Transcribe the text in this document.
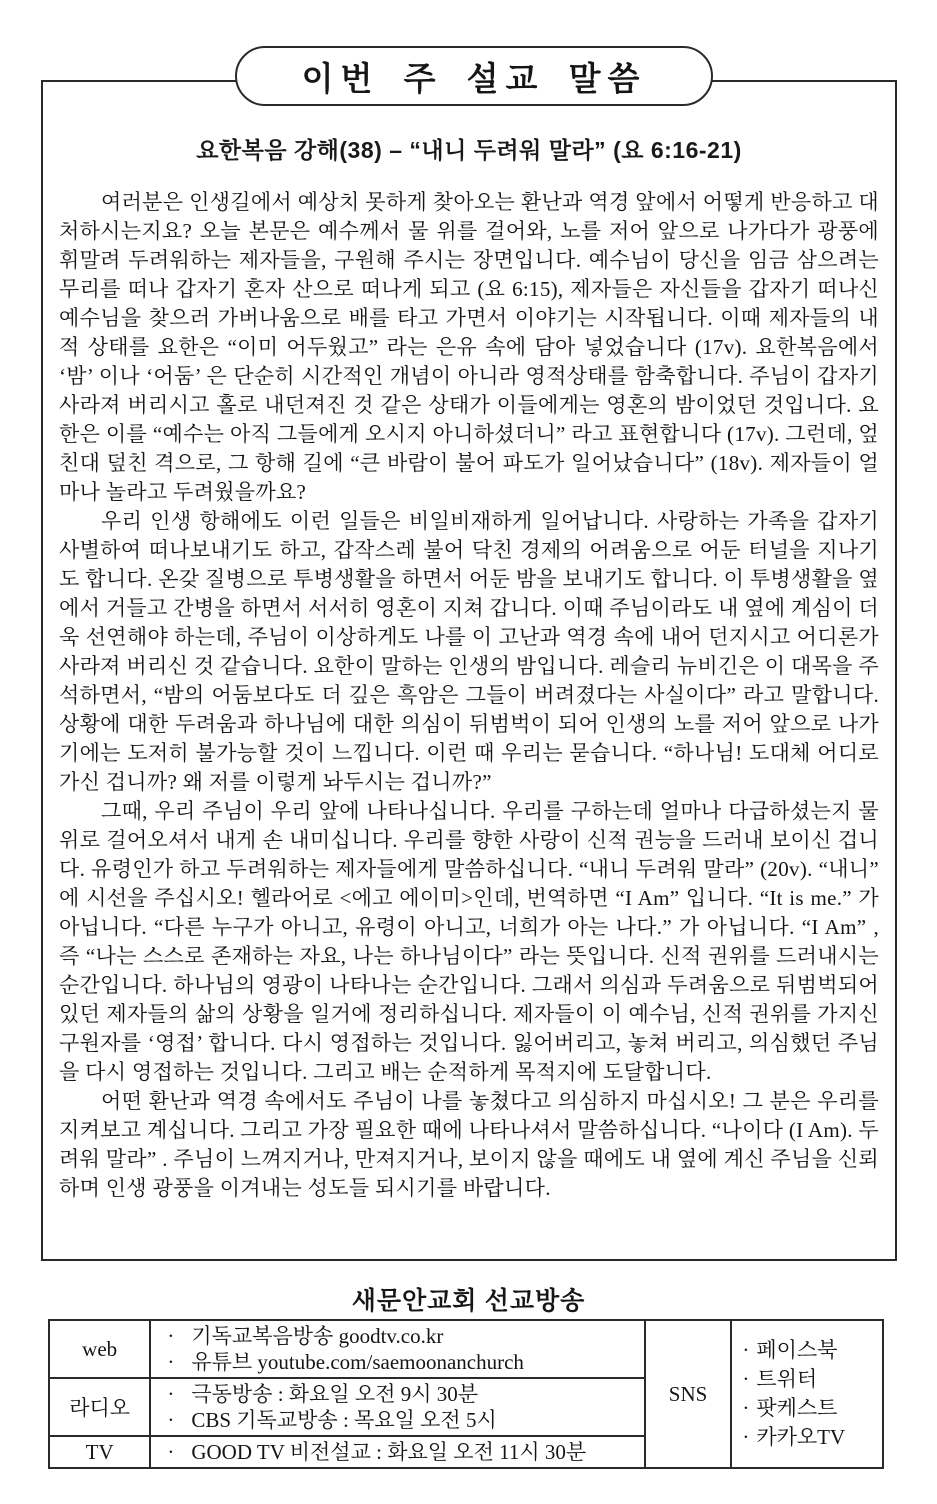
이번 주 설교 말씀
요한복음 강해(38) – “내니 두려워 말라” (요 6:16-21)

여러분은 인생길에서 예상치 못하게 찾아오는 환난과 역경 앞에서 어떻게 반응하고 대처하시는지요? 오늘 본문은 예수께서 물 위를 걸어와, 노를 저어 앞으로 나가다가 광풍에 휘말려 두려워하는 제자들을, 구원해 주시는 장면입니다. 예수님이 당신을 임금 삼으려는 무리를 떠나 갑자기 혼자 산으로 떠나게 되고 (요 6:15), 제자들은 자신들을 갑자기 떠나신 예수님을 찾으러 가버나움으로 배를 타고 가면서 이야기는 시작됩니다. 이때 제자들의 내적 상태를 요한은 “이미 어두웠고” 라는 은유 속에 담아 넣었습니다 (17v). 요한복음에서 ‘밤’ 이나 ‘어둠’ 은 단순히 시간적인 개념이 아니라 영적상태를 함축합니다. 주님이 갑자기 사라져 버리시고 홀로 내던져진 것 같은 상태가 이들에게는 영혼의 밤이었던 것입니다. 요한은 이를 “예수는 아직 그들에게 오시지 아니하셨더니” 라고 표현합니다 (17v). 그런데, 엎친대 덮친 격으로, 그 항해 길에 “큰 바람이 불어 파도가 일어났습니다” (18v). 제자들이 얼마나 놀라고 두려웠을까요?

우리 인생 항해에도 이런 일들은 비일비재하게 일어납니다. 사랑하는 가족을 갑자기 사별하여 떠나보내기도 하고, 갑작스레 불어 닥친 경제의 어려움으로 어둔 터널을 지나기도 합니다. 온갖 질병으로 투병생활을 하면서 어둔 밤을 보내기도 합니다. 이 투병생활을 옆에서 거들고 간병을 하면서 서서히 영혼이 지쳐 갑니다. 이때 주님이라도 내 옆에 계심이 더욱 선연해야 하는데, 주님이 이상하게도 나를 이 고난과 역경 속에 내어 던지시고 어디론가 사라져 버리신 것 같습니다. 요한이 말하는 인생의 밤입니다. 레슬리 뉴비긴은 이 대목을 주석하면서, “밤의 어둠보다도 더 깊은 흑암은 그들이 버려졌다는 사실이다” 라고 말합니다. 상황에 대한 두려움과 하나님에 대한 의심이 뒤범벅이 되어 인생의 노를 저어 앞으로 나가기에는 도저히 불가능할 것이 느낍니다. 이런 때 우리는 묻습니다. “하나님! 도대체 어디로 가신 겁니까? 왜 저를 이렇게 놔두시는 겁니까?”

그때, 우리 주님이 우리 앞에 나타나십니다. 우리를 구하는데 얼마나 다급하셨는지 물 위로 걸어오셔서 내게 손 내미십니다. 우리를 향한 사랑이 신적 권능을 드러내 보이신 겁니다. 유령인가 하고 두려워하는 제자들에게 말씀하십니다. “내니 두려워 말라” (20v). “내니” 에 시선을 주십시오! 헬라어로 <에고 에이미>인데, 번역하면 “I Am” 입니다. “It is me.” 가 아닙니다. “다른 누구가 아니고, 유령이 아니고, 너희가 아는 나다.” 가 아닙니다. “I Am” , 즉 “나는 스스로 존재하는 자요, 나는 하나님이다” 라는 뜻입니다. 신적 권위를 드러내시는 순간입니다. 하나님의 영광이 나타나는 순간입니다. 그래서 의심과 두려움으로 뒤범벅되어 있던 제자들의 삶의 상황을 일거에 정리하십니다. 제자들이 이 예수님, 신적 권위를 가지신 구원자를 ‘영접’ 합니다. 다시 영접하는 것입니다. 잃어버리고, 놓쳐 버리고, 의심했던 주님을 다시 영접하는 것입니다. 그리고 배는 순적하게 목적지에 도달합니다.

어떤 환난과 역경 속에서도 주님이 나를 놓쳤다고 의심하지 마십시오! 그 분은 우리를 지켜보고 계십니다. 그리고 가장 필요한 때에 나타나셔서 말씀하십니다. “나이다 (I Am). 두려워 말라” . 주님이 느껴지거나, 만져지거나, 보이지 않을 때에도 내 옆에 계신 주님을 신뢰하며 인생 광풍을 이겨내는 성도들 되시기를 바랍니다.

새문안교회 선교방송
web	· 기독교복음방송 goodtv.co.kr
· 유튜브 youtube.com/saemoonanchurch	SNS	· 페이스북
· 트위터
· 팟케스트
· 카카오TV

라디오	· 극동방송 : 화요일 오전 9시 30분
· CBS 기독교방송 : 목요일 오전 5시

TV	· GOOD TV 비전설교 : 화요일 오전 11시 30분
